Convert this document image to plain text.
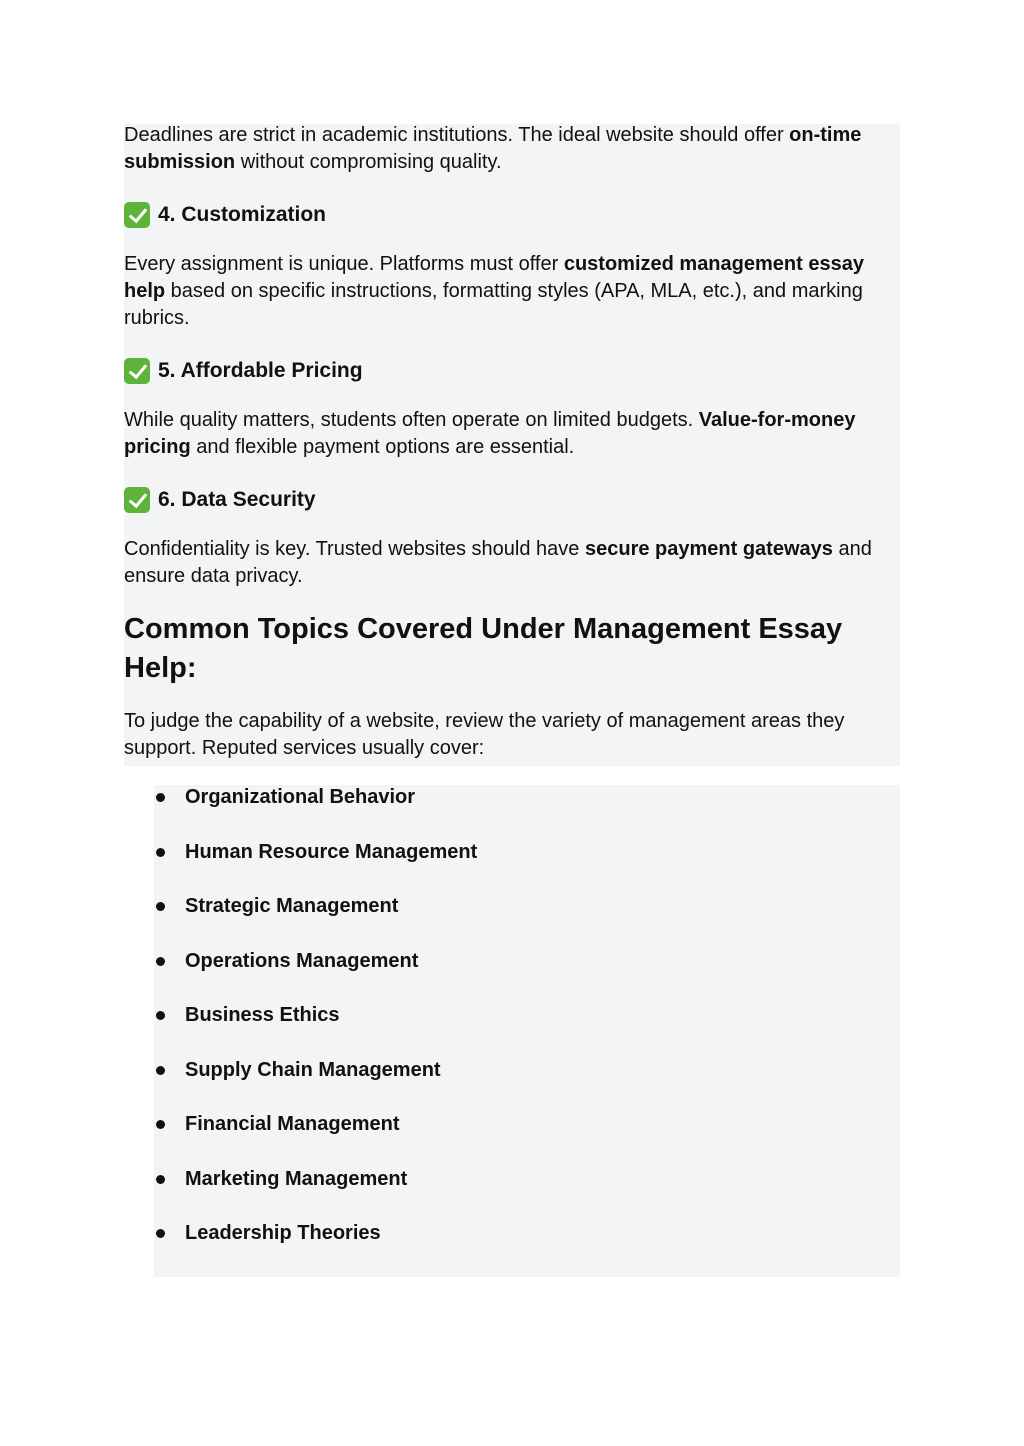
Deadlines are strict in academic institutions. The ideal website should offer on-time submission without compromising quality.

4. Customization

Every assignment is unique. Platforms must offer customized management essay help based on specific instructions, formatting styles (APA, MLA, etc.), and marking rubrics.

5. Affordable Pricing

While quality matters, students often operate on limited budgets. Value-for-money pricing and flexible payment options are essential.

6. Data Security

Confidentiality is key. Trusted websites should have secure payment gateways and ensure data privacy.

Common Topics Covered Under Management Essay Help:

To judge the capability of a website, review the variety of management areas they support. Reputed services usually cover:

Organizational Behavior
Human Resource Management
Strategic Management
Operations Management
Business Ethics
Supply Chain Management
Financial Management
Marketing Management
Leadership Theories
